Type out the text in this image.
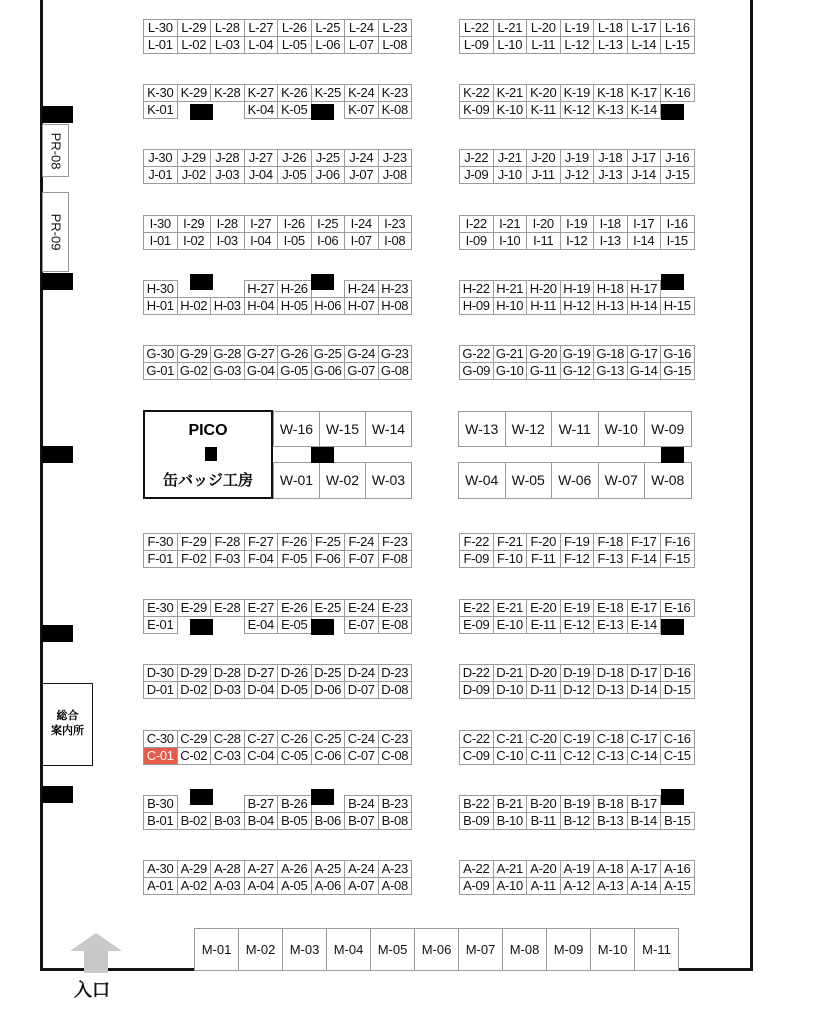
PR-08
PR-09
総合
案内所
L-30 L-29 L-28 L-27 L-26 L-25 L-24 L-23
L-01 L-02 L-03 L-04 L-05 L-06 L-07 L-08
L-22 L-21 L-20 L-19 L-18 L-17 L-16
L-09 L-10 L-11 L-12 L-13 L-14 L-15
K-30 K-29 K-28 K-27 K-26 K-25 K-24 K-23
K-01	K-04 K-05	K-07 K-08
K-22 K-21 K-20 K-19 K-18 K-17 K-16
K-09 K-10 K-11 K-12 K-13 K-14
J-30 J-29 J-28 J-27 J-26 J-25 J-24 J-23
J-01 J-02 J-03 J-04 J-05 J-06 J-07 J-08
J-22 J-21 J-20 J-19 J-18 J-17 J-16
J-09 J-10 J-11 J-12 J-13 J-14 J-15
I-30 I-29 I-28 I-27 I-26 I-25 I-24 I-23
I-01 I-02 I-03 I-04 I-05 I-06 I-07 I-08
I-22 I-21 I-20 I-19 I-18 I-17 I-16
I-09 I-10 I-11 I-12 I-13 I-14 I-15
H-30	H-27 H-26	H-24 H-23
H-01 H-02 H-03 H-04 H-05 H-06 H-07 H-08
H-22 H-21 H-20 H-19 H-18 H-17
H-09 H-10 H-11 H-12 H-13 H-14 H-15
G-30 G-29 G-28 G-27 G-26 G-25 G-24 G-23
G-01 G-02 G-03 G-04 G-05 G-06 G-07 G-08
G-22 G-21 G-20 G-19 G-18 G-17 G-16
G-09 G-10 G-11 G-12 G-13 G-14 G-15
F-30 F-29 F-28 F-27 F-26 F-25 F-24 F-23
F-01 F-02 F-03 F-04 F-05 F-06 F-07 F-08
F-22 F-21 F-20 F-19 F-18 F-17 F-16
F-09 F-10 F-11 F-12 F-13 F-14 F-15
E-30 E-29 E-28 E-27 E-26 E-25 E-24 E-23
E-01	E-04 E-05	E-07 E-08
E-22 E-21 E-20 E-19 E-18 E-17 E-16
E-09 E-10 E-11 E-12 E-13 E-14
D-30 D-29 D-28 D-27 D-26 D-25 D-24 D-23
D-01 D-02 D-03 D-04 D-05 D-06 D-07 D-08
D-22 D-21 D-20 D-19 D-18 D-17 D-16
D-09 D-10 D-11 D-12 D-13 D-14 D-15
C-30 C-29 C-28 C-27 C-26 C-25 C-24 C-23
C-01 C-02 C-03 C-04 C-05 C-06 C-07 C-08
C-22 C-21 C-20 C-19 C-18 C-17 C-16
C-09 C-10 C-11 C-12 C-13 C-14 C-15
B-30	B-27 B-26	B-24 B-23
B-01 B-02 B-03 B-04 B-05 B-06 B-07 B-08
B-22 B-21 B-20 B-19 B-18 B-17
B-09 B-10 B-11 B-12 B-13 B-14 B-15
A-30 A-29 A-28 A-27 A-26 A-25 A-24 A-23
A-01 A-02 A-03 A-04 A-05 A-06 A-07 A-08
A-22 A-21 A-20 A-19 A-18 A-17 A-16
A-09 A-10 A-11 A-12 A-13 A-14 A-15
PICO
缶バッジ工房
W-16 W-15 W-14
W-01 W-02 W-03
W-13 W-12 W-11 W-10 W-09
W-04 W-05 W-06 W-07 W-08
M-01	M-02	M-03	M-04	M-05	M-06	M-07	M-08	M-09	M-10	M-11
入口
